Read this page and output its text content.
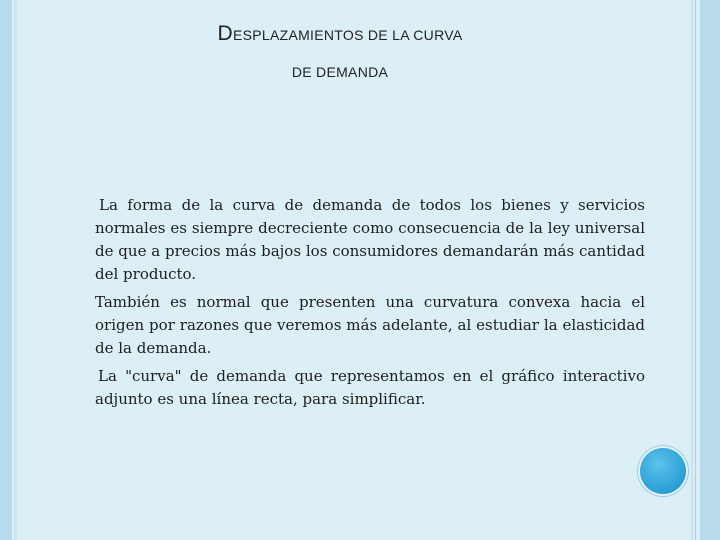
DESPLAZAMIENTOS DE LA CURVA
DE DEMANDA

La forma de la curva de demanda de todos los bienes y servicios normales es siempre decreciente como consecuencia de la ley universal de que a precios más bajos los consumidores demandarán más cantidad del producto.

También es normal que presenten una curvatura convexa hacia el origen por razones que veremos más adelante, al estudiar la elasticidad de la demanda.

La "curva" de demanda que representamos en el gráfico interactivo adjunto es una línea recta, para simplificar.
